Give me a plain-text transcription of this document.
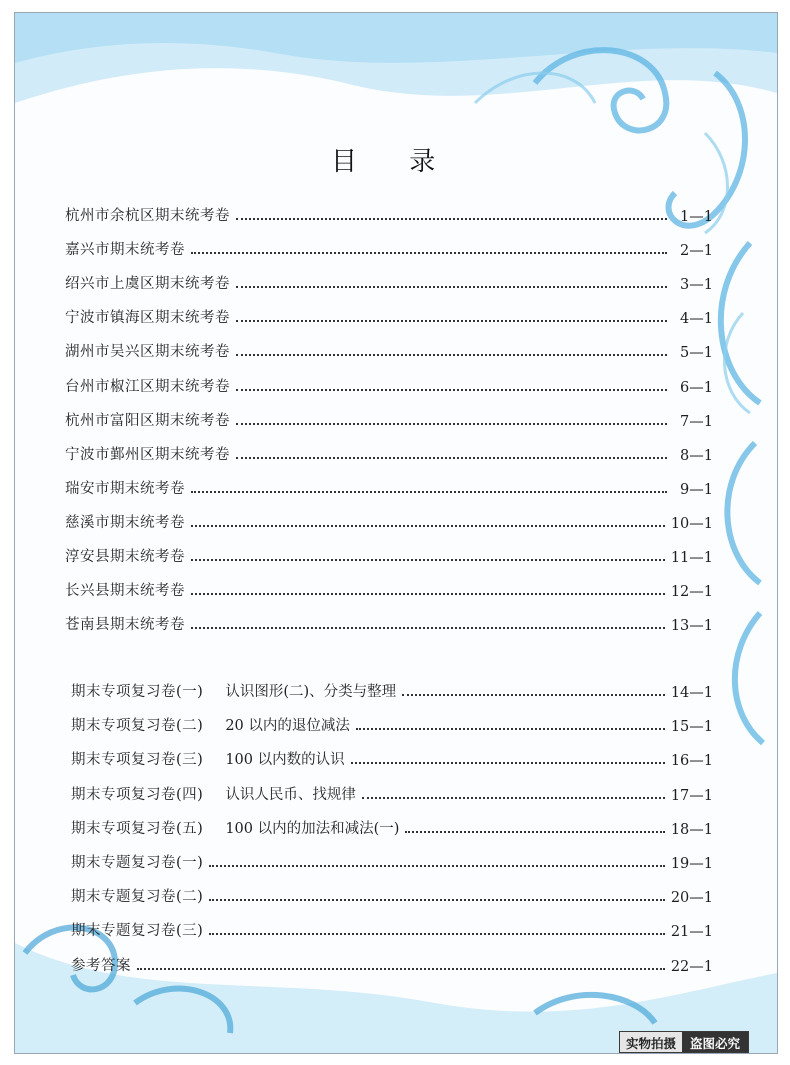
目 录
杭州市余杭区期末统考卷	1—1
嘉兴市期末统考卷	2—1
绍兴市上虞区期末统考卷	3—1
宁波市镇海区期末统考卷	4—1
湖州市吴兴区期末统考卷	5—1
台州市椒江区期末统考卷	6—1
杭州市富阳区期末统考卷	7—1
宁波市鄞州区期末统考卷	8—1
瑞安市期末统考卷	9—1
慈溪市期末统考卷	10—1
淳安县期末统考卷	11—1
长兴县期末统考卷	12—1
苍南县期末统考卷	13—1
期末专项复习卷(一) 认识图形(二)、分类与整理	14—1
期末专项复习卷(二) 20 以内的退位减法	15—1
期末专项复习卷(三) 100 以内数的认识	16—1
期末专项复习卷(四) 认识人民币、找规律	17—1
期末专项复习卷(五) 100 以内的加法和减法(一)	18—1
期末专题复习卷(一)	19—1
期末专题复习卷(二)	20—1
期末专题复习卷(三)	21—1
参考答案	22—1
实物拍摄	盗图必究
